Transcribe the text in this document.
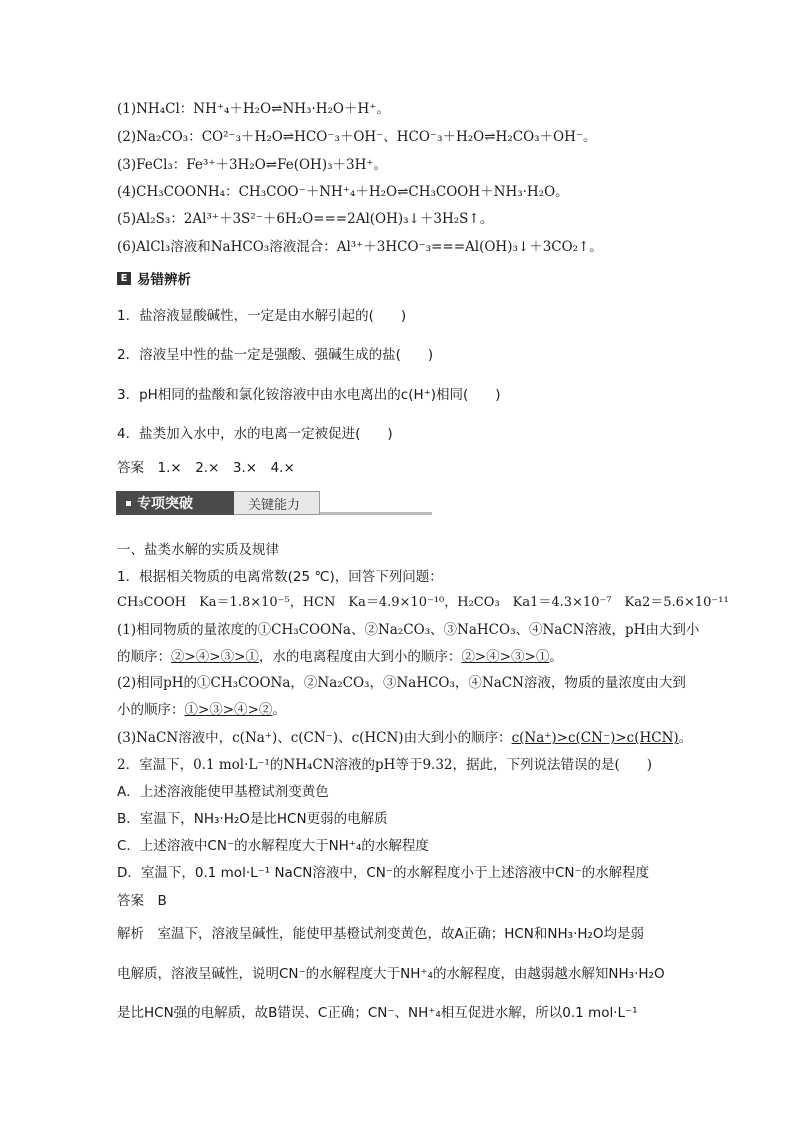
(1)NH₄Cl：NH⁺₄＋H₂O⇌NH₃·H₂O＋H⁺。
(2)Na₂CO₃：CO²⁻₃＋H₂O⇌HCO⁻₃＋OH⁻、HCO⁻₃＋H₂O⇌H₂CO₃＋OH⁻。
(3)FeCl₃：Fe³⁺＋3H₂O⇌Fe(OH)₃＋3H⁺。
(4)CH₃COONH₄：CH₃COO⁻＋NH⁺₄＋H₂O⇌CH₃COOH＋NH₃·H₂O。
(5)Al₂S₃：2Al³⁺＋3S²⁻＋6H₂O===2Al(OH)₃↓＋3H₂S↑。
(6)AlCl₃溶液和NaHCO₃溶液混合：Al³⁺＋3HCO⁻₃===Al(OH)₃↓＋3CO₂↑。
E 易错辨析
1．盐溶液显酸碱性，一定是由水解引起的(　　)
2．溶液呈中性的盐一定是强酸、强碱生成的盐(　　)
3．pH相同的盐酸和氯化铵溶液中由水电离出的c(H⁺)相同(　　)
4．盐类加入水中，水的电离一定被促进(　　)
答案　1.×　2.×　3.×　4.×
专项突破	关键能力
一、盐类水解的实质及规律
1．根据相关物质的电离常数(25 ℃)，回答下列问题：
CH₃COOH　Ka＝1.8×10⁻⁵，HCN　Ka＝4.9×10⁻¹⁰，H₂CO₃　Ka1＝4.3×10⁻⁷　Ka2＝5.6×10⁻¹¹
(1)相同物质的量浓度的①CH₃COONa、②Na₂CO₃、③NaHCO₃、④NaCN溶液，pH由大到小
的顺序：②>④>③>①，水的电离程度由大到小的顺序：②>④>③>①。
(2)相同pH的①CH₃COONa，②Na₂CO₃，③NaHCO₃，④NaCN溶液，物质的量浓度由大到
小的顺序：①>③>④>②。
(3)NaCN溶液中，c(Na⁺)、c(CN⁻)、c(HCN)由大到小的顺序：c(Na⁺)>c(CN⁻)>c(HCN)。
2．室温下，0.1 mol·L⁻¹的NH₄CN溶液的pH等于9.32，据此，下列说法错误的是(　　)
A．上述溶液能使甲基橙试剂变黄色
B．室温下，NH₃·H₂O是比HCN更弱的电解质
C．上述溶液中CN⁻的水解程度大于NH⁺₄的水解程度
D．室温下，0.1 mol·L⁻¹ NaCN溶液中，CN⁻的水解程度小于上述溶液中CN⁻的水解程度
答案　B
解析　室温下，溶液呈碱性，能使甲基橙试剂变黄色，故A正确；HCN和NH₃·H₂O均是弱
电解质，溶液呈碱性，说明CN⁻的水解程度大于NH⁺₄的水解程度，由越弱越水解知NH₃·H₂O
是比HCN强的电解质，故B错误、C正确；CN⁻、NH⁺₄相互促进水解，所以0.1 mol·L⁻¹
